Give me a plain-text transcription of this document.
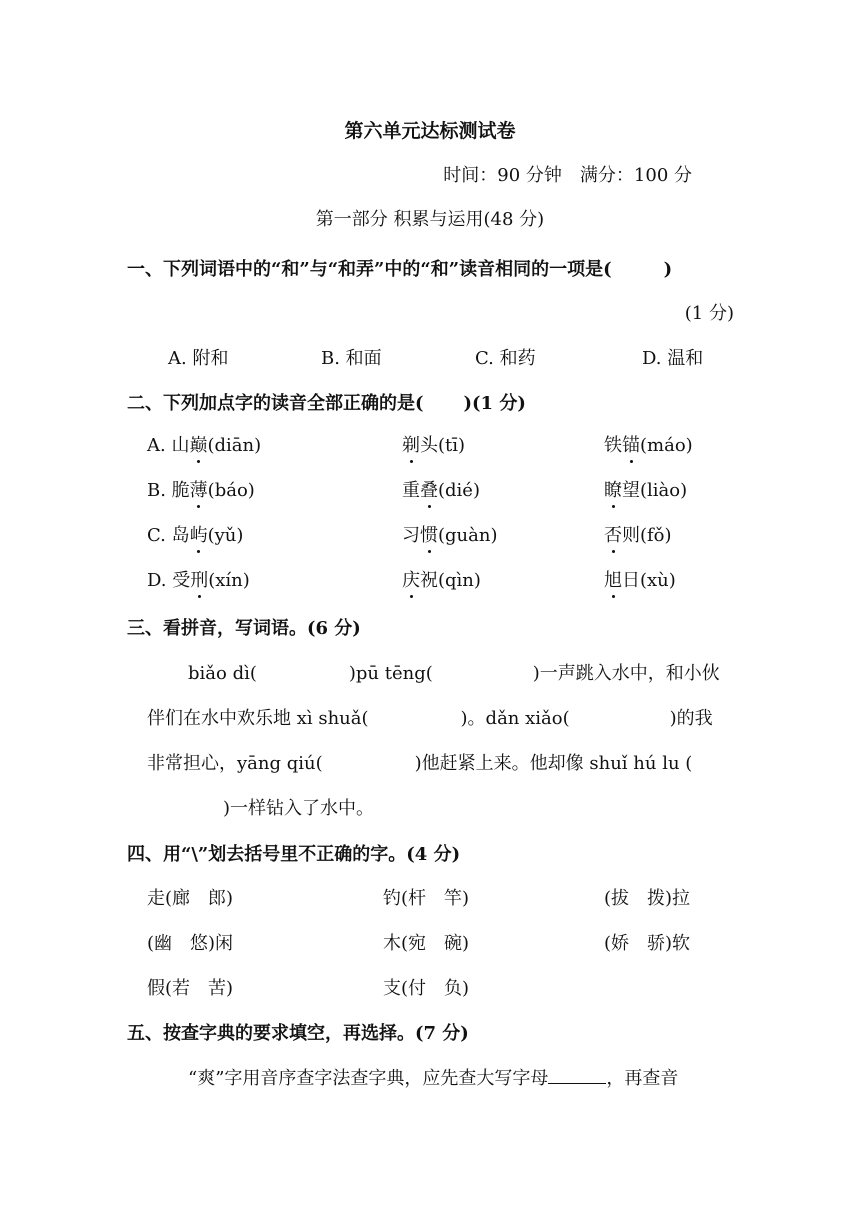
第六单元达标测试卷
时间：90 分钟　满分：100 分
第一部分 积累与运用(48 分)
一、下列词语中的“和”与“和弄”中的“和”读音相同的一项是(	)
(1 分)
A. 附和	B. 和面	C. 和药	D. 温和
二、下列加点字的读音全部正确的是( )(1 分)
A. 山巅(diān)	剃头(tī)	铁锚(máo)
B. 脆薄(báo)	重叠(dié)	瞭望(liào)
C. 岛屿(yǔ)	习惯(guàn)	否则(fǒ)
D. 受刑(xín)	庆祝(qìn)	旭日(xù)
三、看拼音，写词语。(6 分)
biǎo dì(	)pū tēng(	)一声跳入水中，和小伙
伴们在水中欢乐地 xì shuǎ(	)。dǎn xiǎo(	)的我
非常担心，yāng qiú(	)他赶紧上来。他却像 shuǐ hú lu (
)一样钻入了水中。
四、用“\”划去括号里不正确的字。(4 分)
走(廊　郎)	钓(杆　竿)	(拔　拨)拉
(幽　悠)闲	木(宛　碗)	(娇　骄)软
假(若　苦)	支(付　负)
五、按查字典的要求填空，再选择。(7 分)
“爽”字用音序查字法查字典，应先查大写字母	，再查音
